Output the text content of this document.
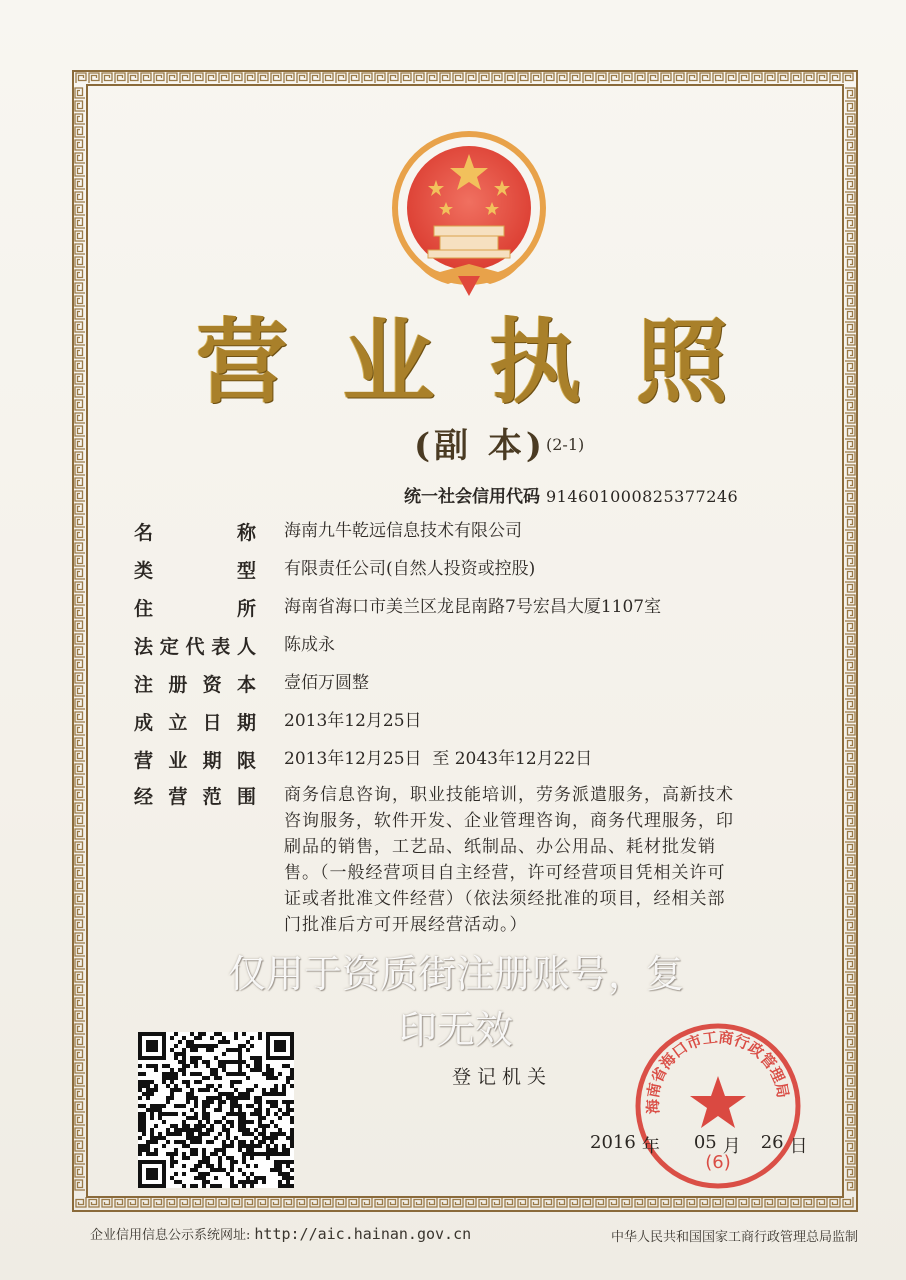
营 业 执 照
(副 本) (2-1)
统一社会信用代码 914601000825377246
名	称 海南九牛乾远信息技术有限公司
类	型 有限责任公司(自然人投资或控股)
住	所 海南省海口市美兰区龙昆南路7号宏昌大厦1107室
法 定 代 表 人 陈成永
注 册 资 本 壹佰万圆整
成 立 日 期 2013年12月25日
营 业 期 限 2013年12月25日  至 2043年12月22日
经 营 范 围 商务信息咨询，职业技能培训，劳务派遣服务，高新技术
咨询服务，软件开发、企业管理咨询，商务代理服务，印
刷品的销售，工艺品、纸制品、办公用品、耗材批发销
售。（一般经营项目自主经营，许可经营项目凭相关许可
证或者批准文件经营）（依法须经批准的项目，经相关部
门批准后方可开展经营活动。）
仅用于资质街注册账号，复
印无效
登记机关
海南省海口市工商行政管理局
(6)
2016 年 05 月 26 日
企业信用信息公示系统网址: http://aic.hainan.gov.cn	中华人民共和国国家工商行政管理总局监制
